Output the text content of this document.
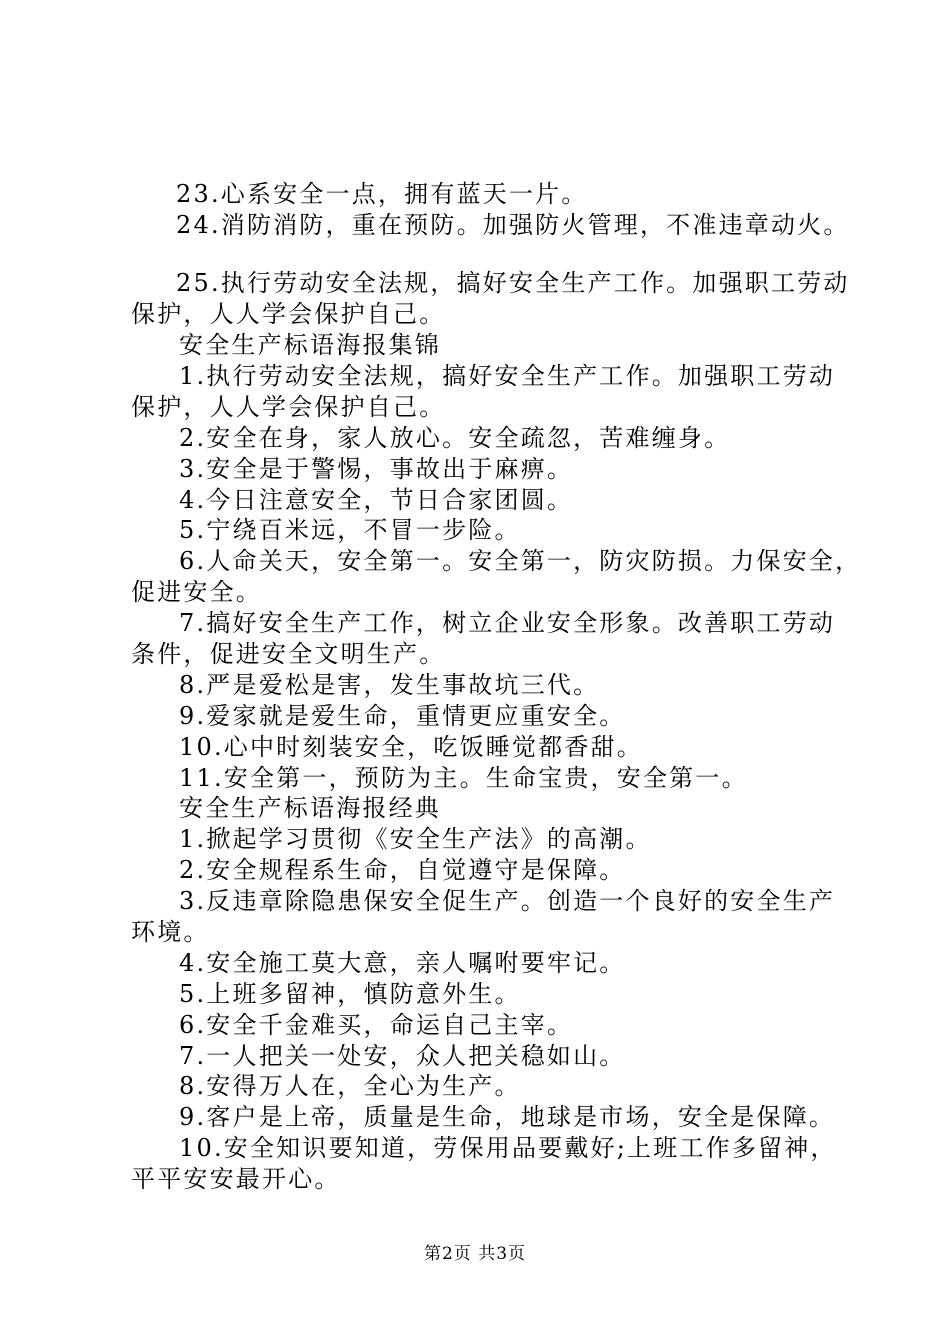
23.心系安全一点，拥有蓝天一片。
24.消防消防，重在预防。加强防火管理，不准违章动火。
25.执行劳动安全法规，搞好安全生产工作。加强职工劳动
保护，人人学会保护自己。
安全生产标语海报集锦
1.执行劳动安全法规，搞好安全生产工作。加强职工劳动
保护，人人学会保护自己。
2.安全在身，家人放心。安全疏忽，苦难缠身。
3.安全是于警惕，事故出于麻痹。
4.今日注意安全，节日合家团圆。
5.宁绕百米远，不冒一步险。
6.人命关天，安全第一。安全第一，防灾防损。力保安全，
促进安全。
7.搞好安全生产工作，树立企业安全形象。改善职工劳动
条件，促进安全文明生产。
8.严是爱松是害，发生事故坑三代。
9.爱家就是爱生命，重情更应重安全。
10.心中时刻装安全，吃饭睡觉都香甜。
11.安全第一，预防为主。生命宝贵，安全第一。
安全生产标语海报经典
1.掀起学习贯彻《安全生产法》的高潮。
2.安全规程系生命，自觉遵守是保障。
3.反违章除隐患保安全促生产。创造一个良好的安全生产
环境。
4.安全施工莫大意，亲人嘱咐要牢记。
5.上班多留神，慎防意外生。
6.安全千金难买，命运自己主宰。
7.一人把关一处安，众人把关稳如山。
8.安得万人在，全心为生产。
9.客户是上帝，质量是生命，地球是市场，安全是保障。
10.安全知识要知道，劳保用品要戴好;上班工作多留神，
平平安安最开心。
第2页 共3页
